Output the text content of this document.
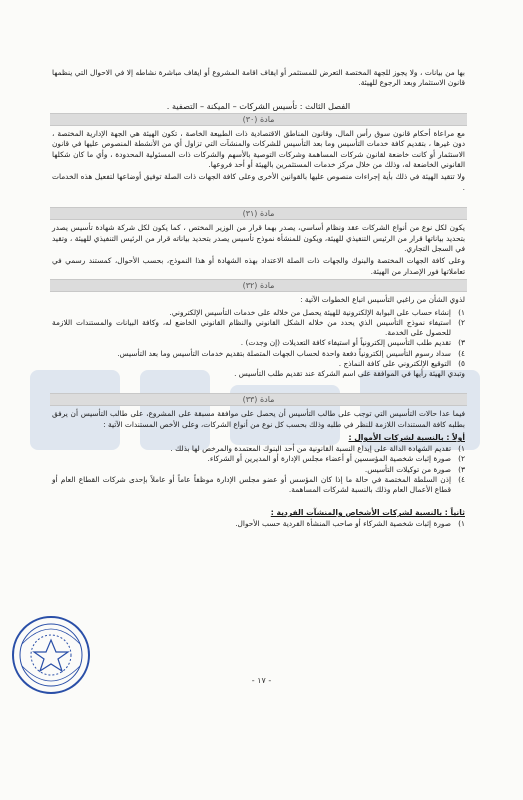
بها من بيانات ، ولا يجوز للجهة المختصة التعرض للمستثمر أو ايقاف اقامة المشروع أو ايقاف مباشرة نشاطه إلا في الاحوال التي ينظمها قانون الاستثمار وبعد الرجوع للهيئة.

الفصل الثالث : تأسيس الشركات – الميكنة – التصفية .
مادة (٣٠)

مع مراعاة أحكام قانون سوق رأس المال، وقانون المناطق الاقتصادية ذات الطبيعة الخاصة ، تكون الهيئة هي الجهة الإدارية المختصة ، دون غيرها ، بتقديم كافة خدمات التأسيس وما بعد التأسيس للشركات والمنشآت التي تزاول أي من الأنشطة المنصوص عليها في قانون الاستثمار أو كانت خاضعة لقانون شركات المساهمة وشركات التوصية بالأسهم والشركات ذات المسئولية المحدودة ، وأي ما كان شكلها القانوني الخاضعة له، وذلك من خلال مركز خدمات المستثمرين بالهيئة أو أحد فروعها.

ولا تتقيد الهيئة في ذلك بأية إجراءات منصوص عليها بالقوانين الأخرى وعلى كافة الجهات ذات الصلة توفيق أوضاعها لتفعيل هذه الخدمات .

مادة (٣١)

يكون لكل نوع من أنواع الشركات عقد ونظام أساسي، يصدر بهما قرار من الوزير المختص ، كما يكون لكل شركة شهادة تأسيس يصدر بتحديد بياناتها قرار من الرئيس التنفيذي للهيئة، ويكون للمنشأة نموذج تأسيس يصدر بتحديد بياناته قرار من الرئيس التنفيذي للهيئة ، وتقيد في السجل التجاري.

وعلى كافة الجهات المختصة والبنوك والجهات ذات الصلة الاعتداد بهذه الشهادة أو هذا النموذج، بحسب الأحوال، كمستند رسمي في تعاملاتها فور الإصدار من الهيئة.

مادة (٣٢)

لذوي الشأن من راغبي التأسيس اتباع الخطوات الآتية :

١)
إنشاء حساب على البوابة الإلكترونية للهيئة يحصل من خلاله على خدمات التأسيس الإلكتروني.
٢)
استيفاء نموذج التأسيس الذي يحدد من خلاله الشكل القانوني والنظام القانوني الخاضع له، وكافة البيانات والمستندات اللازمة للحصول على الخدمة.
٣)
تقديم طلب التأسيس إلكترونياً أو استيفاء كافة التعديلات (إن وجدت) .
٤)
سداد رسوم التأسيس إلكترونياً دفعة واحدة لحساب الجهات المتصلة بتقديم خدمات التأسيس وما بعد التأسيس.
٥)
التوقيع الإلكتروني على كافة النماذج .

وتبدي الهيئة رأيها في الموافقة على اسم الشركة عند تقديم طلب التأسيس .

مادة (٣٣)

فيما عدا حالات التأسيس التي توجب على طالب التأسيس أن يحصل على موافقة مسبقة على المشروع، على طالب التأسيس أن يرفق بطلبه كافة المستندات اللازمة للنظر في طلبه وذلك بحسب كل نوع من أنواع الشركات، وعلى الأخص المستندات الآتية :

أولاً : بالنسبة لشركات الأموال :
١)
تقديم الشهادة الدالة على إيداع النسبة القانونية من أحد البنوك المعتمدة والمرخص لها بذلك .
٢)
صورة إثبات شخصية المؤسسين أو أعضاء مجلس الإدارة أو المديرين أو الشركاء.
٣)
صورة من توكيلات التأسيس.
٤)
إذن السلطة المختصة في حالة ما إذا كان المؤسس أو عضو مجلس الإدارة موظفاً عاماً أو عاملاً بإحدى شركات القطاع العام أو قطاع الأعمال العام وذلك بالنسبة لشركات المساهمة.
ثانياً : بالنسبة لشركات الأشخاص والمنشآت الفردية :
١)
صورة إثبات شخصية الشركاء أو صاحب المنشأة الفردية حسب الأحوال.
- ١٧ -
